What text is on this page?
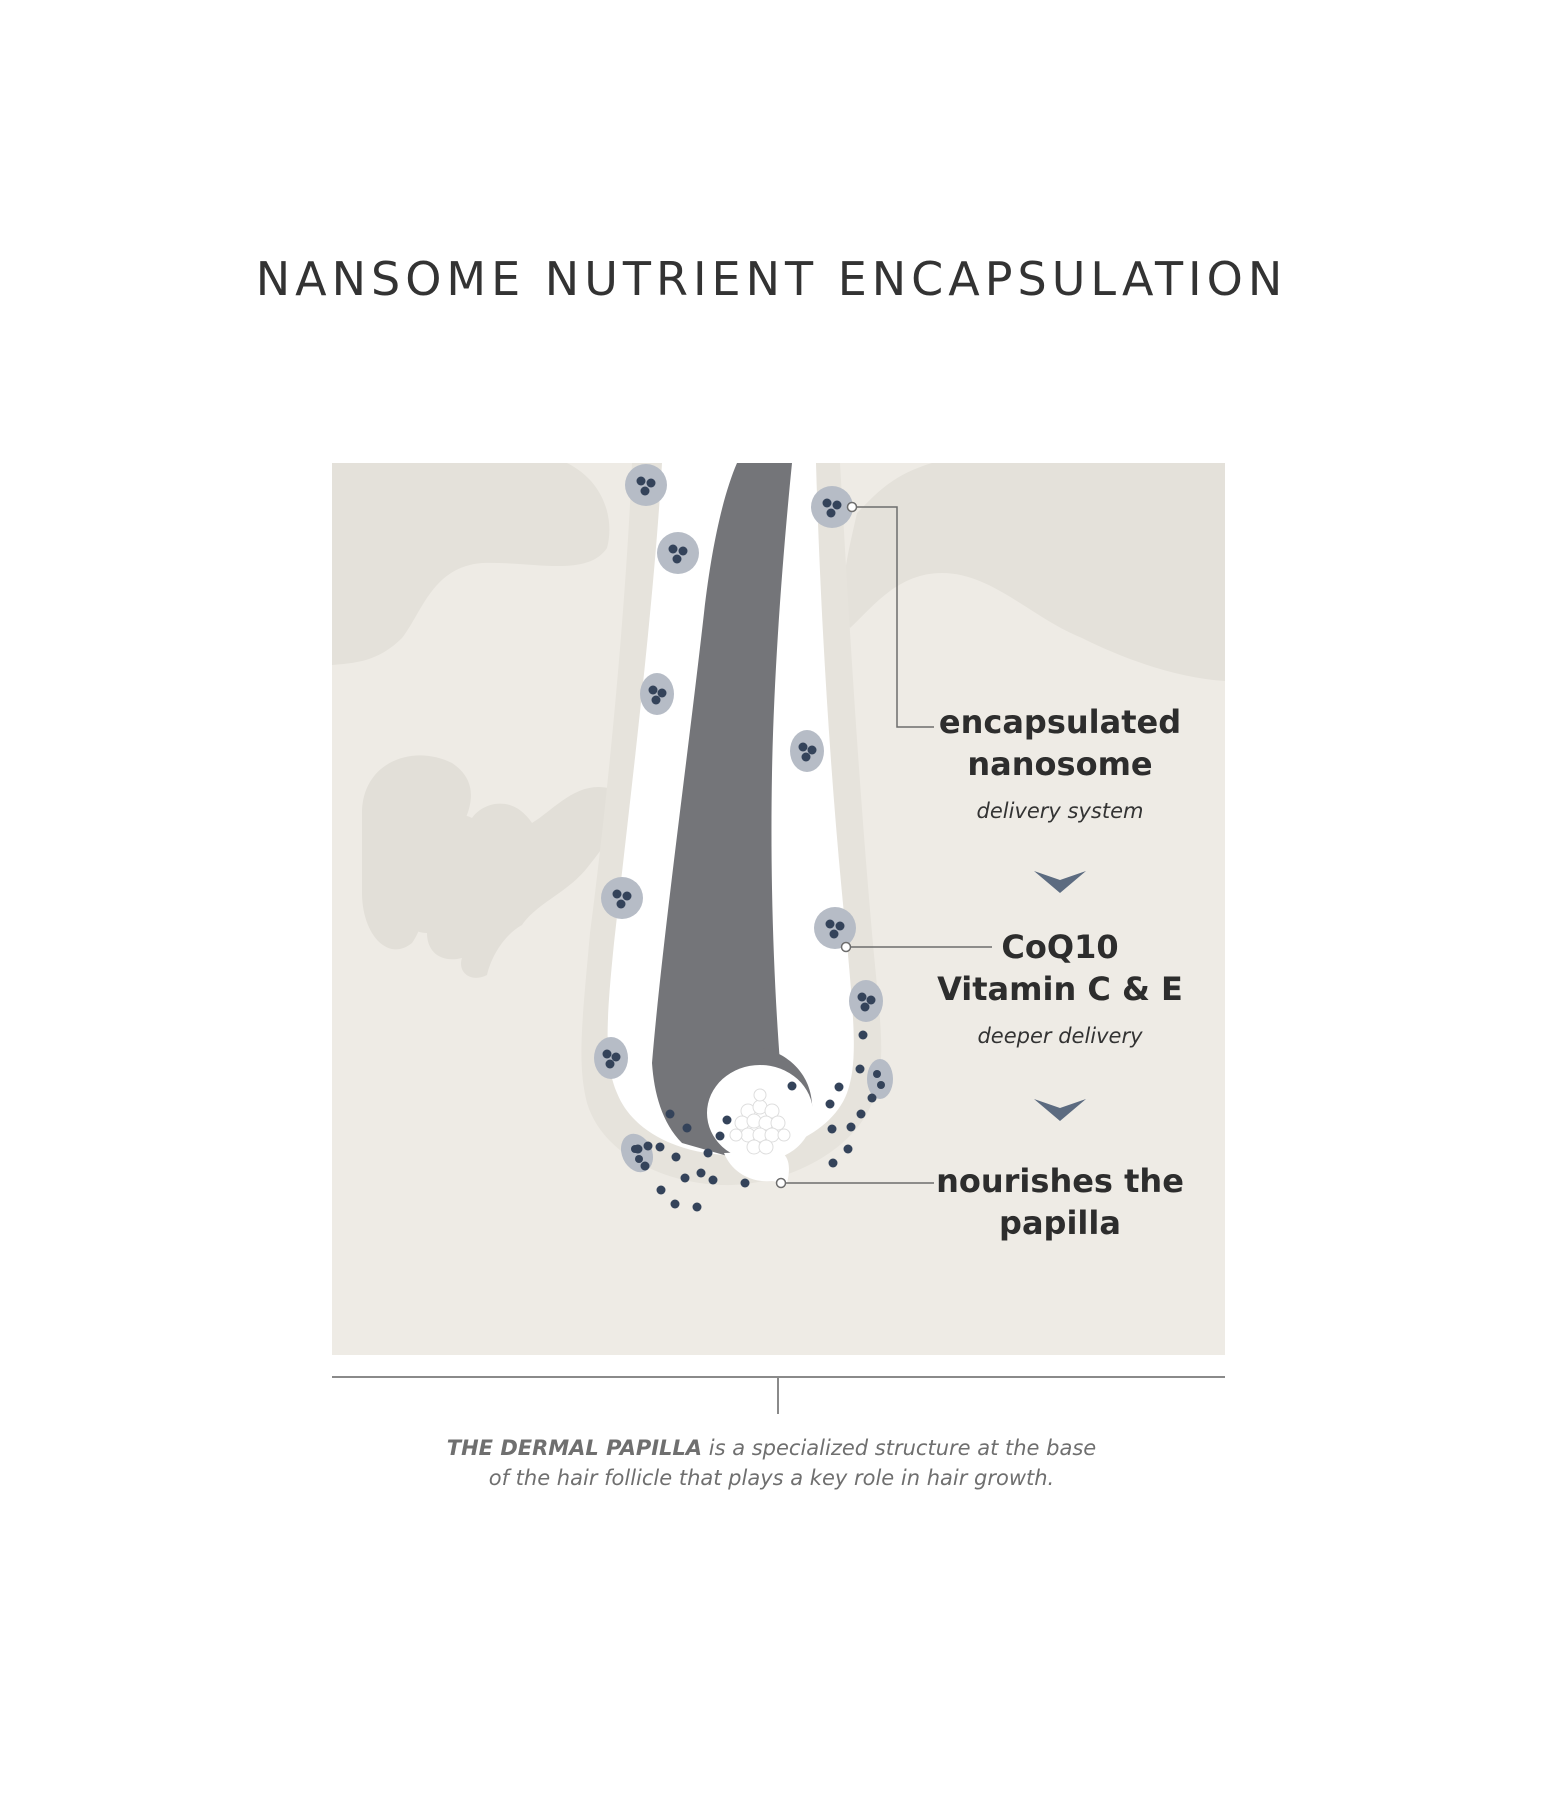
NANSOME NUTRIENT ENCAPSULATION
encapsulated
nanosome
delivery system
CoQ10
Vitamin C & E
deeper delivery
nourishes the
papilla
THE DERMAL PAPILLA is a specialized structure at the base
of the hair follicle that plays a key role in hair growth.
